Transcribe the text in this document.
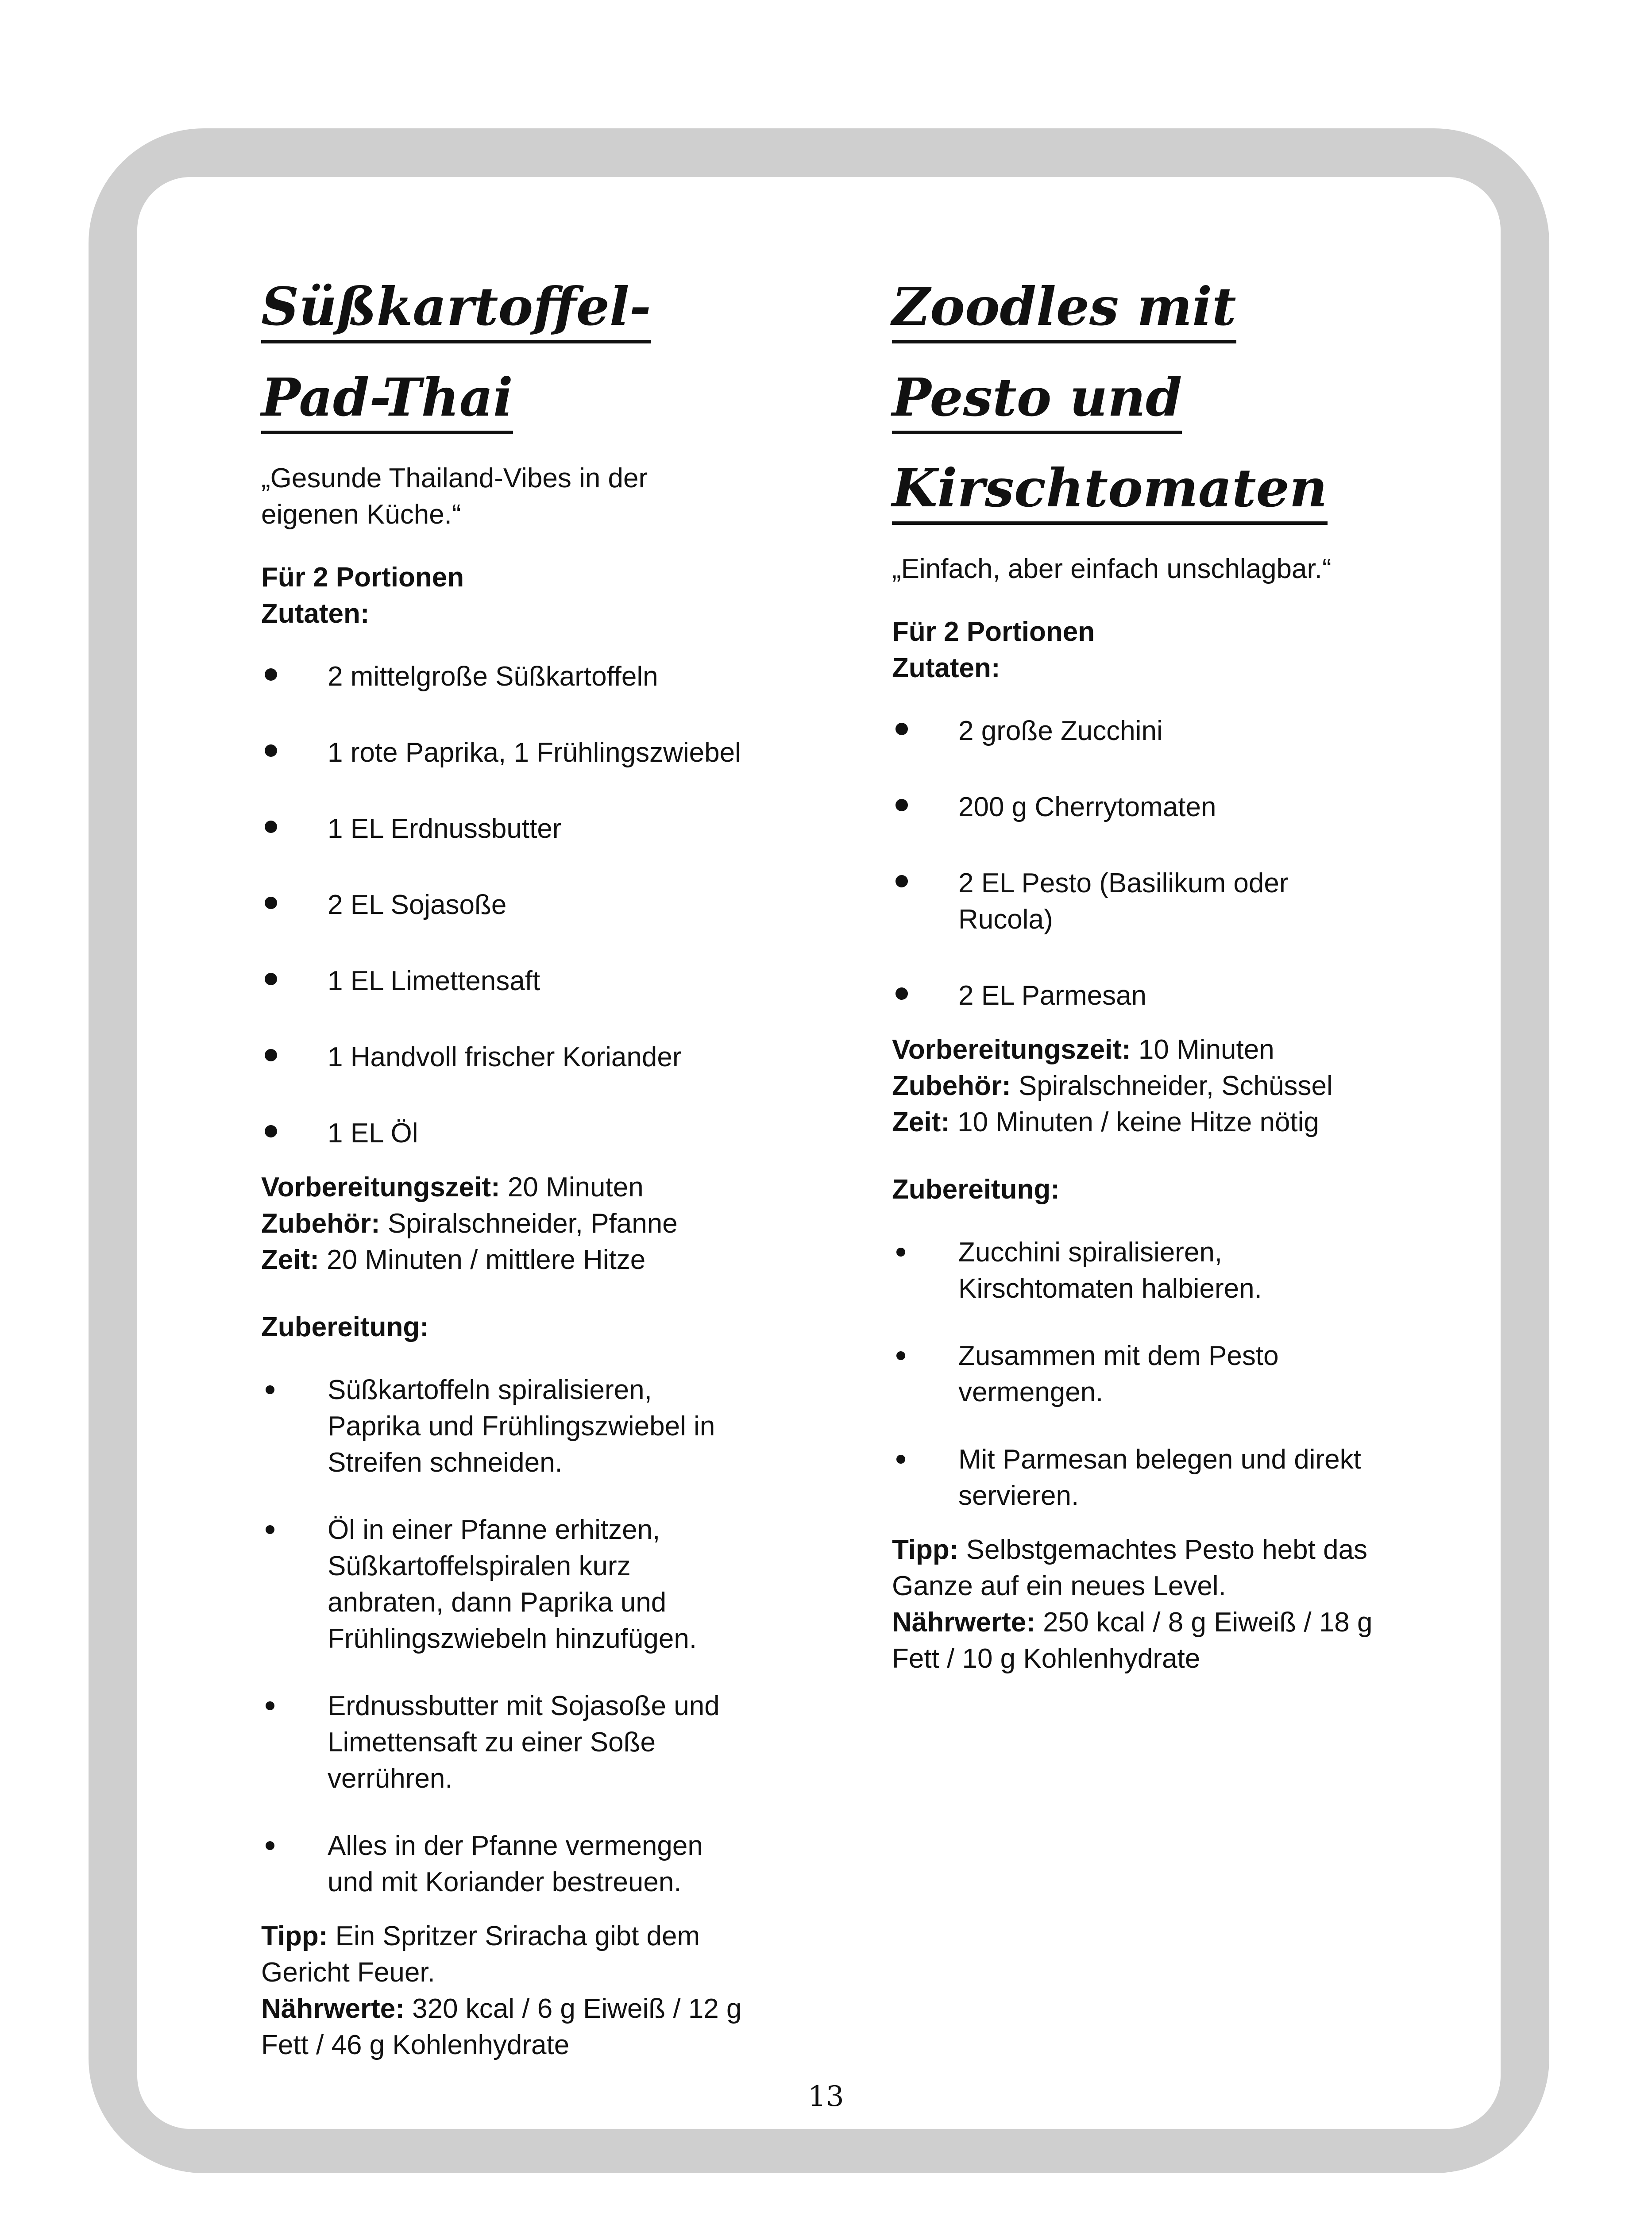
Süßkartoffel-Pad-Thai

„Gesunde Thailand-Vibes in der eigenen Küche.“

Für 2 Portionen

Zutaten:

2 mittelgroße Süßkartoffeln
1 rote Paprika, 1 Frühlingszwiebel
1 EL Erdnussbutter
2 EL Sojasoße
1 EL Limettensaft
1 Handvoll frischer Koriander
1 EL Öl

Vorbereitungszeit: 20 Minuten

Zubehör: Spiralschneider, Pfanne

Zeit: 20 Minuten / mittlere Hitze

Zubereitung:

Süßkartoffeln spiralisieren, Paprika und Frühlingszwiebel in Streifen schneiden.
Öl in einer Pfanne erhitzen, Süßkartoffelspiralen kurz anbraten, dann Paprika und Frühlingszwiebeln hinzufügen.
Erdnussbutter mit Sojasoße und Limettensaft zu einer Soße verrühren.
Alles in der Pfanne vermengen und mit Koriander bestreuen.

Tipp: Ein Spritzer Sriracha gibt dem Gericht Feuer.

Nährwerte: 320 kcal / 6 g Eiweiß / 12 g Fett / 46 g Kohlenhydrate

Zoodles mit Pesto und
Kirschtomaten

„Einfach, aber einfach unschlagbar.“

Für 2 Portionen

Zutaten:

2 große Zucchini
200 g Cherrytomaten
2 EL Pesto (Basilikum oder Rucola)
2 EL Parmesan

Vorbereitungszeit: 10 Minuten

Zubehör: Spiralschneider, Schüssel

Zeit: 10 Minuten / keine Hitze nötig

Zubereitung:

Zucchini spiralisieren, Kirschtomaten halbieren.
Zusammen mit dem Pesto vermengen.
Mit Parmesan belegen und direkt servieren.

Tipp: Selbstgemachtes Pesto hebt das Ganze auf ein neues Level.

Nährwerte: 250 kcal / 8 g Eiweiß / 18 g Fett / 10 g Kohlenhydrate

13
